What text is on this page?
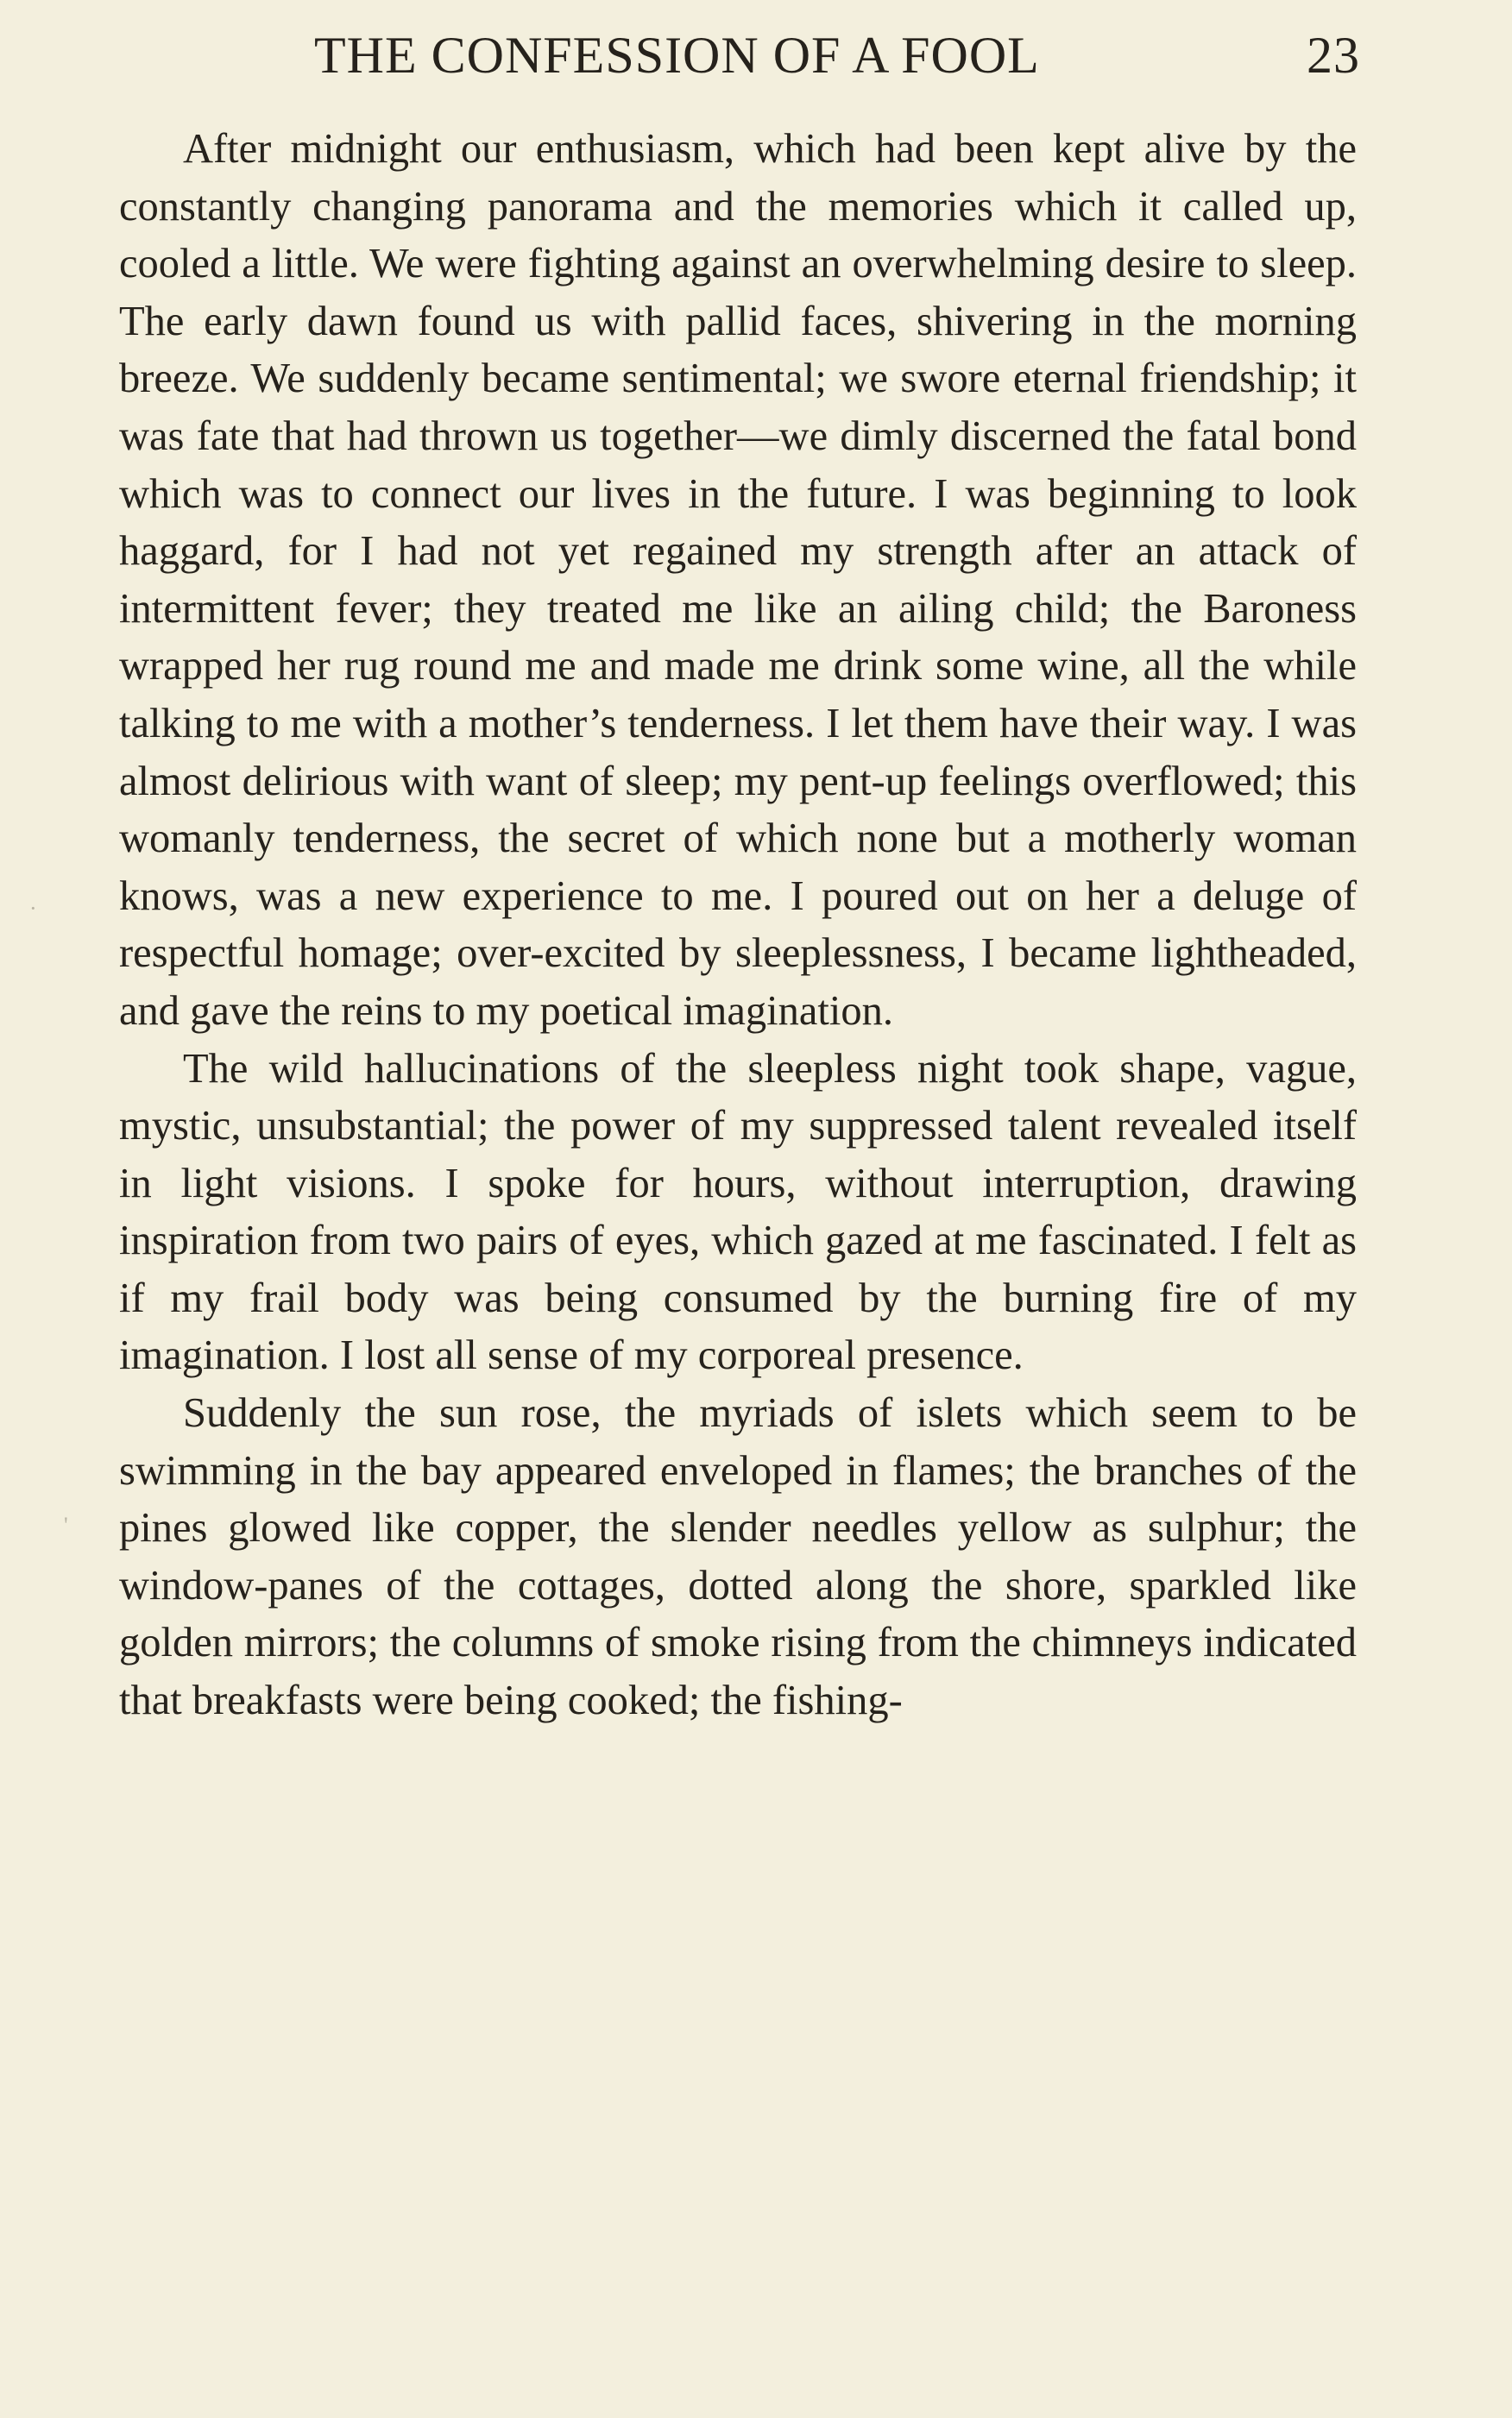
THE CONFESSION OF A FOOL	23

After midnight our enthusiasm, which had been kept alive by the constantly changing panorama and the memories which it called up, cooled a little. We were fighting against an overwhelming desire to sleep. The early dawn found us with pallid faces, shivering in the morning breeze. We suddenly became sentimental; we swore eternal friendship; it was fate that had thrown us together—we dimly discerned the fatal bond which was to connect our lives in the future. I was beginning to look haggard, for I had not yet regained my strength after an attack of intermittent fever; they treated me like an ailing child; the Baroness wrapped her rug round me and made me drink some wine, all the while talking to me with a mother’s tenderness. I let them have their way. I was almost delirious with want of sleep; my pent-up feelings overflowed; this womanly tenderness, the secret of which none but a motherly woman knows, was a new experience to me. I poured out on her a deluge of respectful homage; over-excited by sleeplessness, I became lightheaded, and gave the reins to my poetical imagination.

The wild hallucinations of the sleepless night took shape, vague, mystic, unsubstantial; the power of my suppressed talent revealed itself in light visions. I spoke for hours, without interruption, drawing inspiration from two pairs of eyes, which gazed at me fascinated. I felt as if my frail body was being consumed by the burning fire of my imagination. I lost all sense of my corporeal presence.

Suddenly the sun rose, the myriads of islets which seem to be swimming in the bay appeared enveloped in flames; the branches of the pines glowed like copper, the slender needles yellow as sulphur; the window-panes of the cottages, dotted along the shore, sparkled like golden mirrors; the columns of smoke rising from the chimneys indicated that breakfasts were being cooked; the fishing-

·
'
